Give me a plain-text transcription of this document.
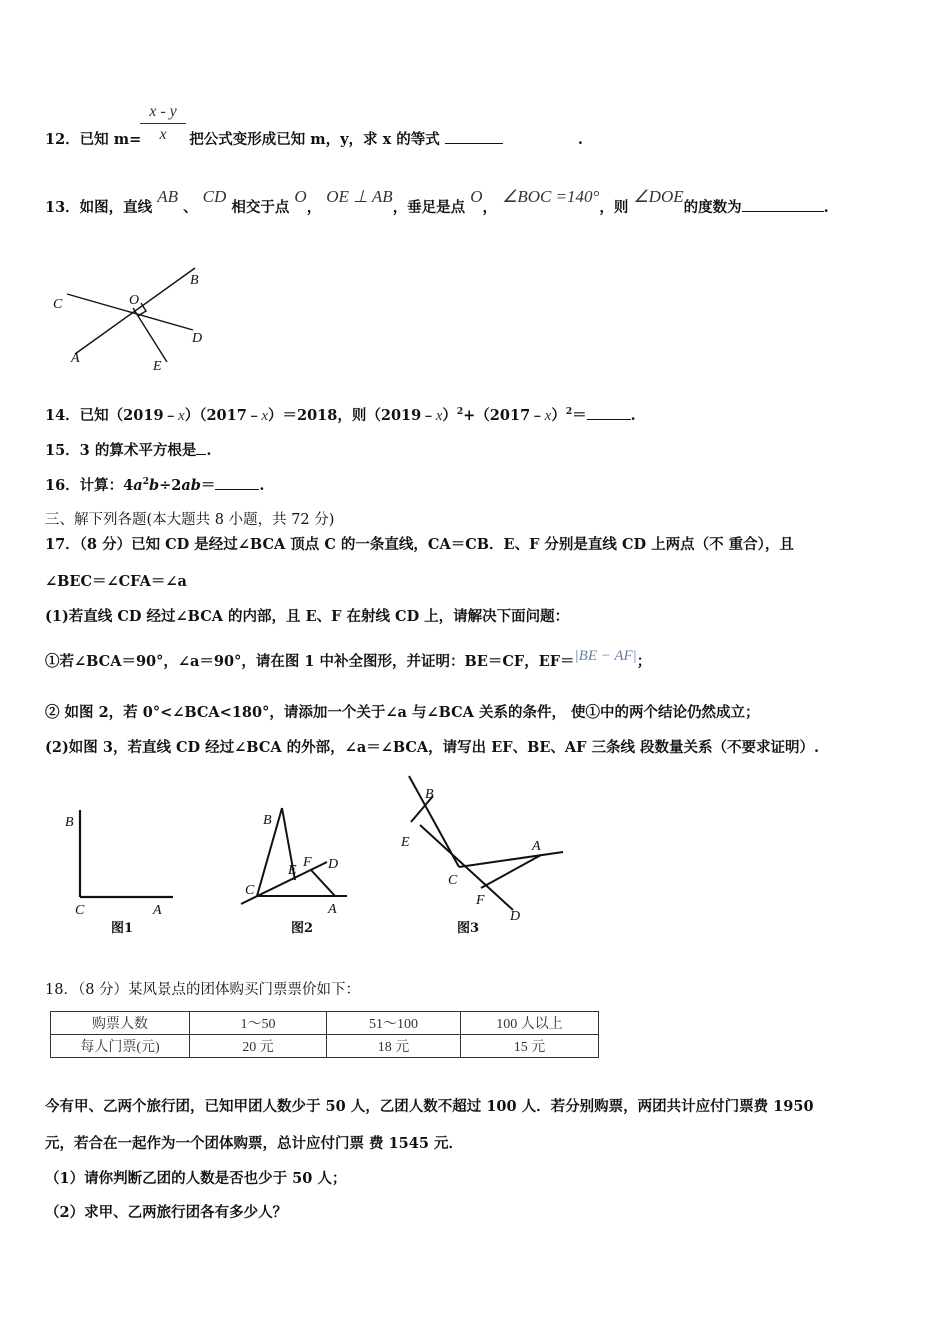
$\frac{x - y}{x}$
12．已知 m=	把公式变形成已知 m，y，求 x 的等式	.
13．如图，直线 AB 、 CD 相交于点 O， OE ⊥ AB，垂足是点 O， ∠BOC =140°，则 ∠DOE的度数为	.
C	O
B
D
A
E
14．已知（2019﹣x）（2017﹣x）＝2018，则（2019﹣x）$^2$+（2017﹣x）$^2$＝	.
15．3 的算术平方根是 .
16．计算：$4a^2b\div 2ab=$	.
三、解下列各题(本大题共 8 小题，共 72 分)
17．（8 分）已知 CD 是经过∠BCA 顶点 C 的一条直线，CA＝CB．E、F 分别是直线 CD 上两点（不 重合），且
∠BEC＝∠CFA＝∠a
(1)若直线 CD 经过∠BCA 的内部，且 E、F 在射线 CD 上，请解决下面问题：
①若∠BCA＝90°，∠a＝90°，请在图 1 中补全图形，并证明：BE＝CF，EF＝|BE − AF|；
② 如图 2，若 0°<∠BCA<180°，请添加一个关于∠a 与∠BCA 关系的条件， 使①中的两个结论仍然成立；
(2)如图 3，若直线 CD 经过∠BCA 的外部，∠a＝∠BCA，请写出 EF、BE、AF 三条线 段数量关系（不要求证明）.
B
C	A
图1
B
E
F D
C
A
图2
B
E	A
C
F
D
图3
18．（8 分）某风景点的团体购买门票票价如下：
购票人数	1～50	51～100	100 人以上
每人门票(元)	20 元	18 元	15 元
今有甲、乙两个旅行团，已知甲团人数少于 50 人，乙团人数不超过 100 人．若分别购票，两团共计应付门票费 1950
元，若合在一起作为一个团体购票，总计应付门票 费 1545 元．
（1）请你判断乙团的人数是否也少于 50 人；
（2）求甲、乙两旅行团各有多少人？
